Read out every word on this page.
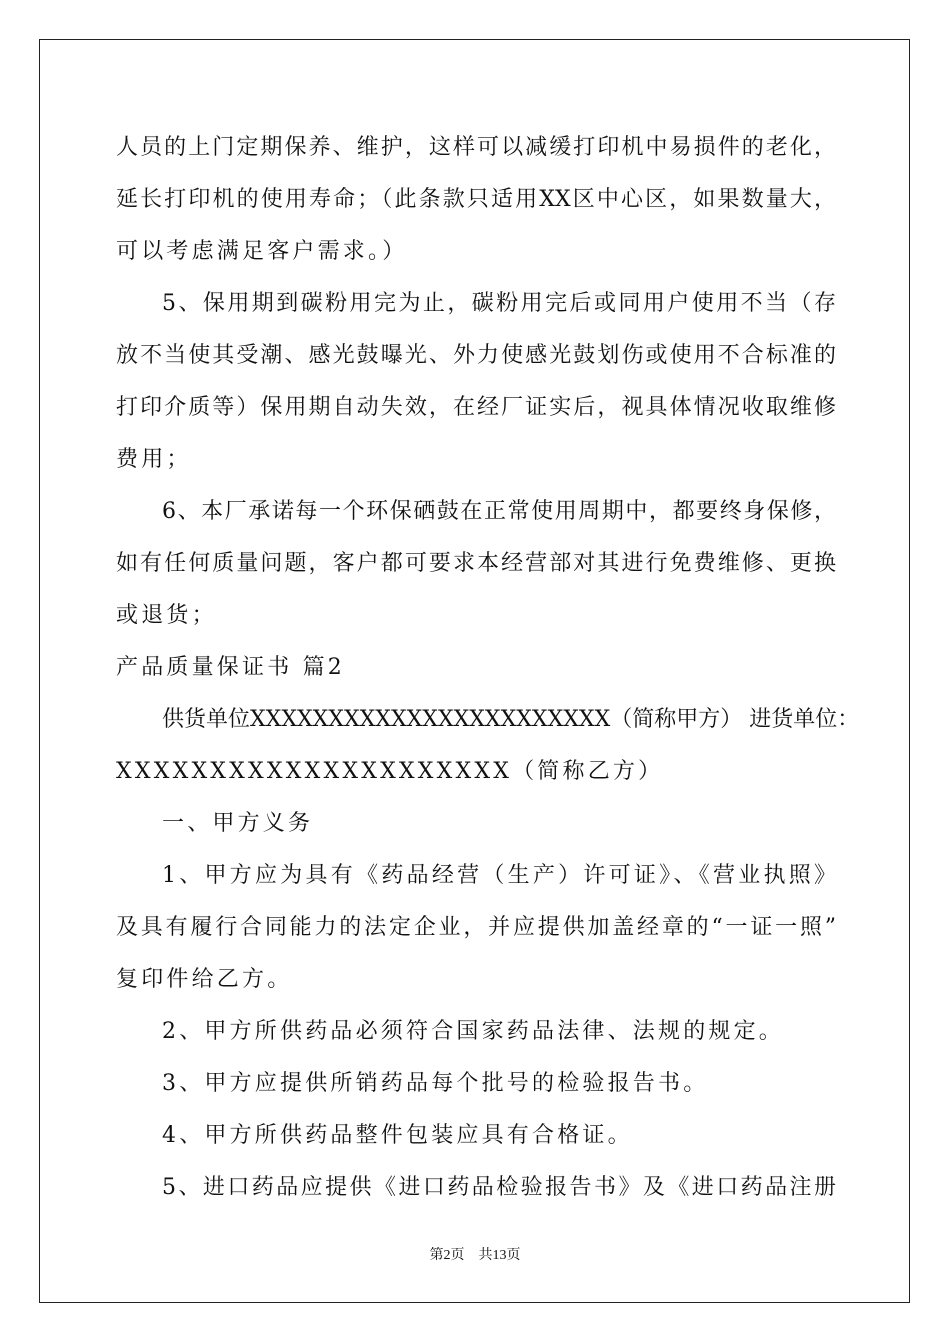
人员的上门定期保养、维护，这样可以减缓打印机中易损件的老化，
延长打印机的使用寿命；（此条款只适用XX区中心区，如果数量大，
可以考虑满足客户需求。）
5、保用期到碳粉用完为止，碳粉用完后或同用户使用不当（存
放不当使其受潮、感光鼓曝光、外力使感光鼓划伤或使用不合标准的
打印介质等）保用期自动失效，在经厂证实后，视具体情况收取维修
费用；
6、本厂承诺每一个环保硒鼓在正常使用周期中，都要终身保修，
如有任何质量问题，客户都可要求本经营部对其进行免费维修、更换
或退货；
产品质量保证书 篇2
供货单位XXXXXXXXXXXXXXXXXXXXXXX（简称甲方） 进货单位：
XXXXXXXXXXXXXXXXXXXXX（简称乙方）
一、甲方义务
1、甲方应为具有《药品经营（生产）许可证》、《营业执照》
及具有履行合同能力的法定企业，并应提供加盖经章的“一证一照”
复印件给乙方。
2、甲方所供药品必须符合国家药品法律、法规的规定。
3、甲方应提供所销药品每个批号的检验报告书。
4、甲方所供药品整件包装应具有合格证。
5、进口药品应提供《进口药品检验报告书》及《进口药品注册
第2页　共13页
